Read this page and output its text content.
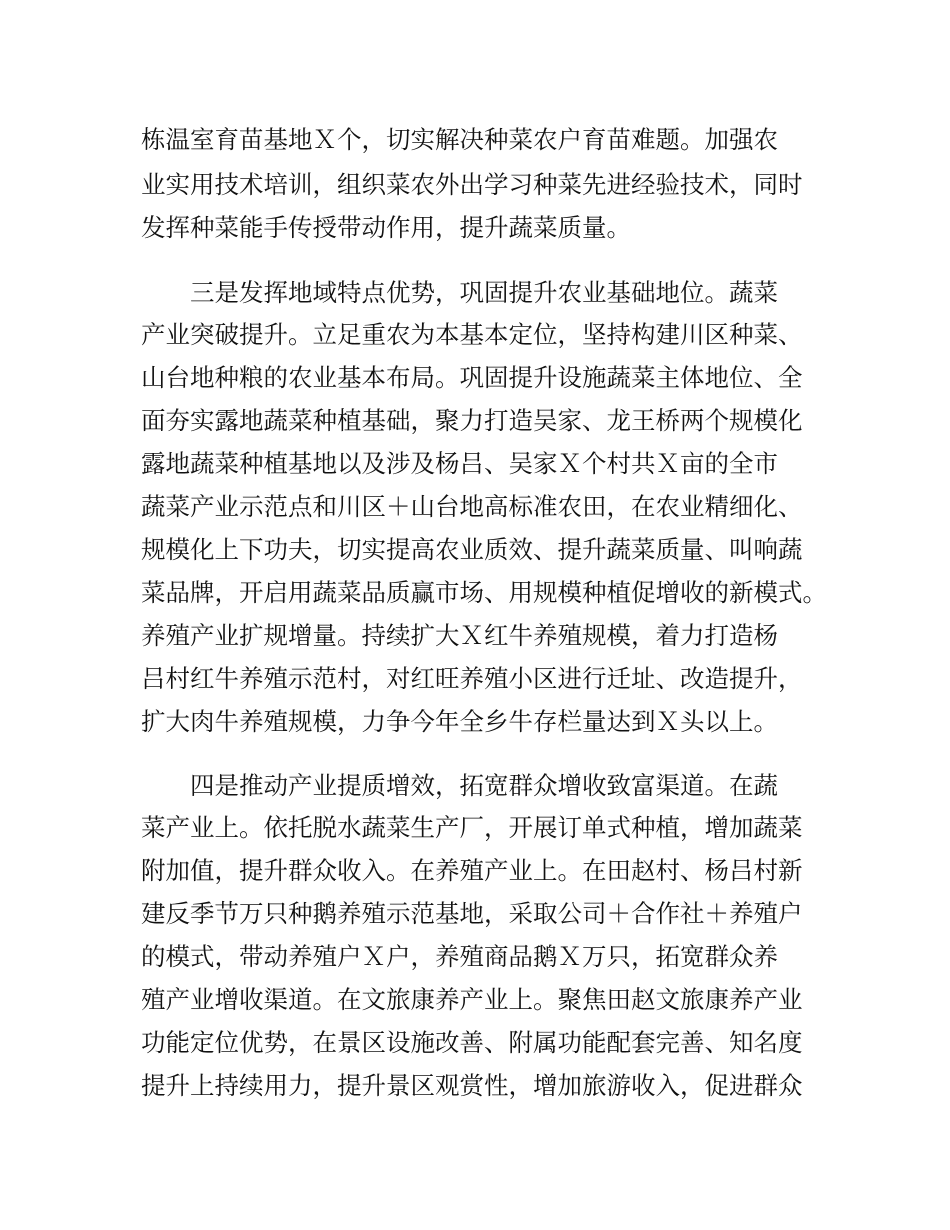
栋温室育苗基地Ｘ个，切实解决种菜农户育苗难题。加强农

业实用技术培训，组织菜农外出学习种菜先进经验技术，同时

发挥种菜能手传授带动作用，提升蔬菜质量。

　　三是发挥地域特点优势，巩固提升农业基础地位。蔬菜

产业突破提升。立足重农为本基本定位，坚持构建川区种菜、

山台地种粮的农业基本布局。巩固提升设施蔬菜主体地位、全

面夯实露地蔬菜种植基础，聚力打造吴家、龙王桥两个规模化

露地蔬菜种植基地以及涉及杨吕、吴家Ｘ个村共Ｘ亩的全市

蔬菜产业示范点和川区＋山台地高标准农田，在农业精细化、

规模化上下功夫，切实提高农业质效、提升蔬菜质量、叫响蔬

菜品牌，开启用蔬菜品质赢市场、用规模种植促增收的新模式。

养殖产业扩规增量。持续扩大Ｘ红牛养殖规模，着力打造杨

吕村红牛养殖示范村，对红旺养殖小区进行迁址、改造提升，

扩大肉牛养殖规模，力争今年全乡牛存栏量达到Ｘ头以上。

　　四是推动产业提质增效，拓宽群众增收致富渠道。在蔬

菜产业上。依托脱水蔬菜生产厂，开展订单式种植，增加蔬菜

附加值，提升群众收入。在养殖产业上。在田赵村、杨吕村新

建反季节万只种鹅养殖示范基地，采取公司＋合作社＋养殖户

的模式，带动养殖户Ｘ户，养殖商品鹅Ｘ万只，拓宽群众养

殖产业增收渠道。在文旅康养产业上。聚焦田赵文旅康养产业

功能定位优势，在景区设施改善、附属功能配套完善、知名度

提升上持续用力，提升景区观赏性，增加旅游收入，促进群众
